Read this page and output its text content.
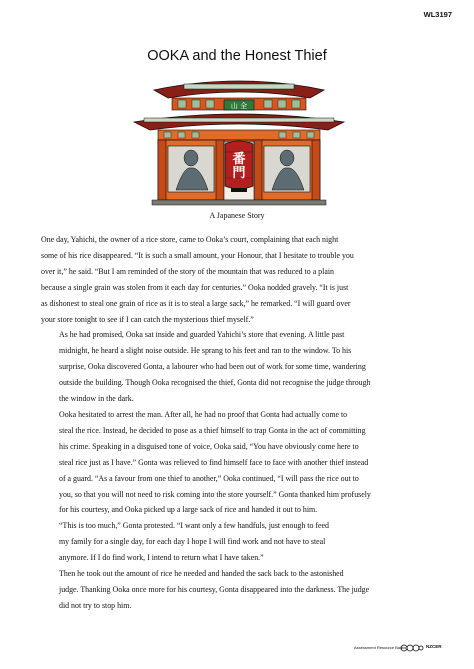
WL3197
OOKA and the Honest Thief
山 全
番
門
A Japanese Story

One day, Yahichi, the owner of a rice store, came to Ooka’s court, complaining that each night
some of his rice disappeared. “It is such a small amount, your Honour, that I hesitate to trouble you
over it,” he said. “But I am reminded of the story of the mountain that was reduced to a plain
because a single grain was stolen from it each day for centuries.” Ooka nodded gravely. “It is just
as dishonest to steal one grain of rice as it is to steal a large sack,” he remarked. “I will guard over
your store tonight to see if I can catch the mysterious thief myself.”

As he had promised, Ooka sat inside and guarded Yahichi’s store that evening. A little past
midnight, he heard a slight noise outside. He sprang to his feet and ran to the window. To his
surprise, Ooka discovered Gonta, a labourer who had been out of work for some time, wandering
outside the building. Though Ooka recognised the thief, Gonta did not recognise the judge through
the window in the dark.

Ooka hesitated to arrest the man. After all, he had no proof that Gonta had actually come to
steal the rice. Instead, he decided to pose as a thief himself to trap Gonta in the act of committing
his crime. Speaking in a disguised tone of voice, Ooka said, “You have obviously come here to
steal rice just as I have.” Gonta was relieved to find himself face to face with another thief instead
of a guard. “As a favour from one thief to another,” Ooka continued, “I will pass the rice out to
you, so that you will not need to risk coming into the store yourself.” Gonta thanked him profusely
for his courtesy, and Ooka picked up a large sack of rice and handed it out to him.

“This is too much,” Gonta protested. “I want only a few handfuls, just enough to feed
my family for a single day, for each day I hope I will find work and not have to steal
anymore. If I do find work, I intend to return what I have taken.”

Then he took out the amount of rice he needed and handed the sack back to the astonished
judge. Thanking Ooka once more for his courtesy, Gonta disappeared into the darkness. The judge
did not try to stop him.

Assessment Resource Banks	NZCER
